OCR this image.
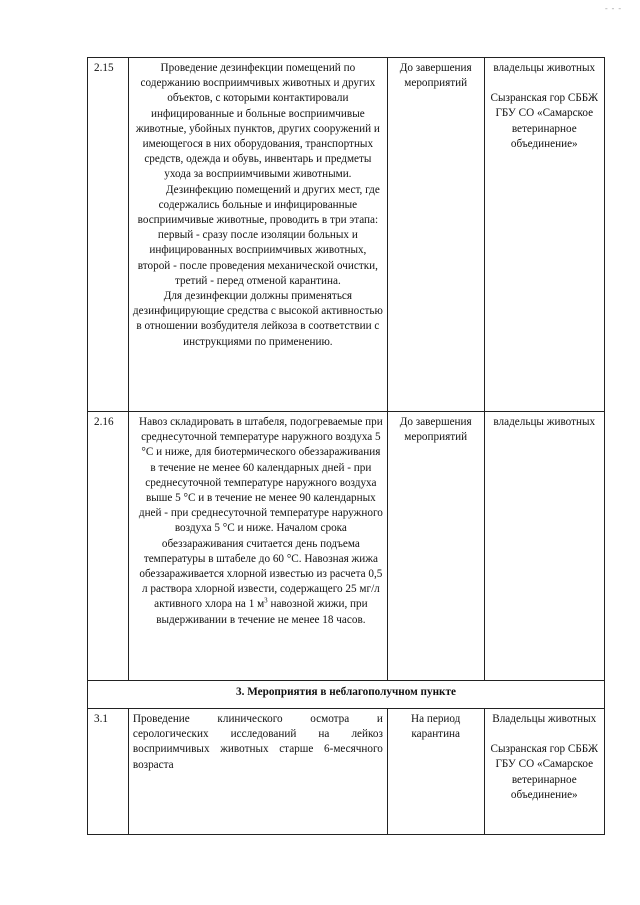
- - -
2.15	Проведение дезинфекции помещений по содержанию восприимчивых животных и других объектов, с которыми контактировали инфицированные и больные восприимчивые животные, убойных пунктов, других сооружений и имеющегося в них оборудования, транспортных средств, одежда и обувь, инвентарь и предметы ухода за восприимчивыми животными.
Дезинфекцию помещений и других мест, где содержались больные и инфицированные восприимчивые животные, проводить в три этапа: первый - сразу после изоляции больных и инфицированных восприимчивых животных, второй - после проведения механической очистки, третий - перед отменой карантина.
Для дезинфекции должны применяться дезинфицирующие средства с высокой активностью в отношении возбудителя лейкоза в соответствии с инструкциями по применению.	До завершения мероприятий	владельцы животных
Сызранская гор СББЖ ГБУ СО «Самарское ветеринарное объединение»

2.16	Навоз складировать в штабеля, подогреваемые при среднесуточной температуре наружного воздуха 5 °С и ниже, для биотермического обеззараживания в течение не менее 60 календарных дней - при среднесуточной температуре наружного воздуха выше 5 °С и в течение не менее 90 календарных дней - при среднесуточной температуре наружного воздуха 5 °С и ниже. Началом срока обеззараживания считается день подъема температуры в штабеле до 60 °С. Навозная жижа обеззараживается хлорной известью из расчета 0,5 л раствора хлорной извести, содержащего 25 мг/л активного хлора на 1 $м^3$ навозной жижи, при выдерживании в течение не менее 18 часов.	До завершения мероприятий	владельцы животных

3. Мероприятия в неблагополучном пункте			
3.1	Проведение клинического осмотра и серологических исследований на лейкоз восприимчивых животных старше 6-месячного возраста	На период карантина	Владельцы животных
Сызранская гор СББЖ ГБУ СО «Самарское ветеринарное объединение»
